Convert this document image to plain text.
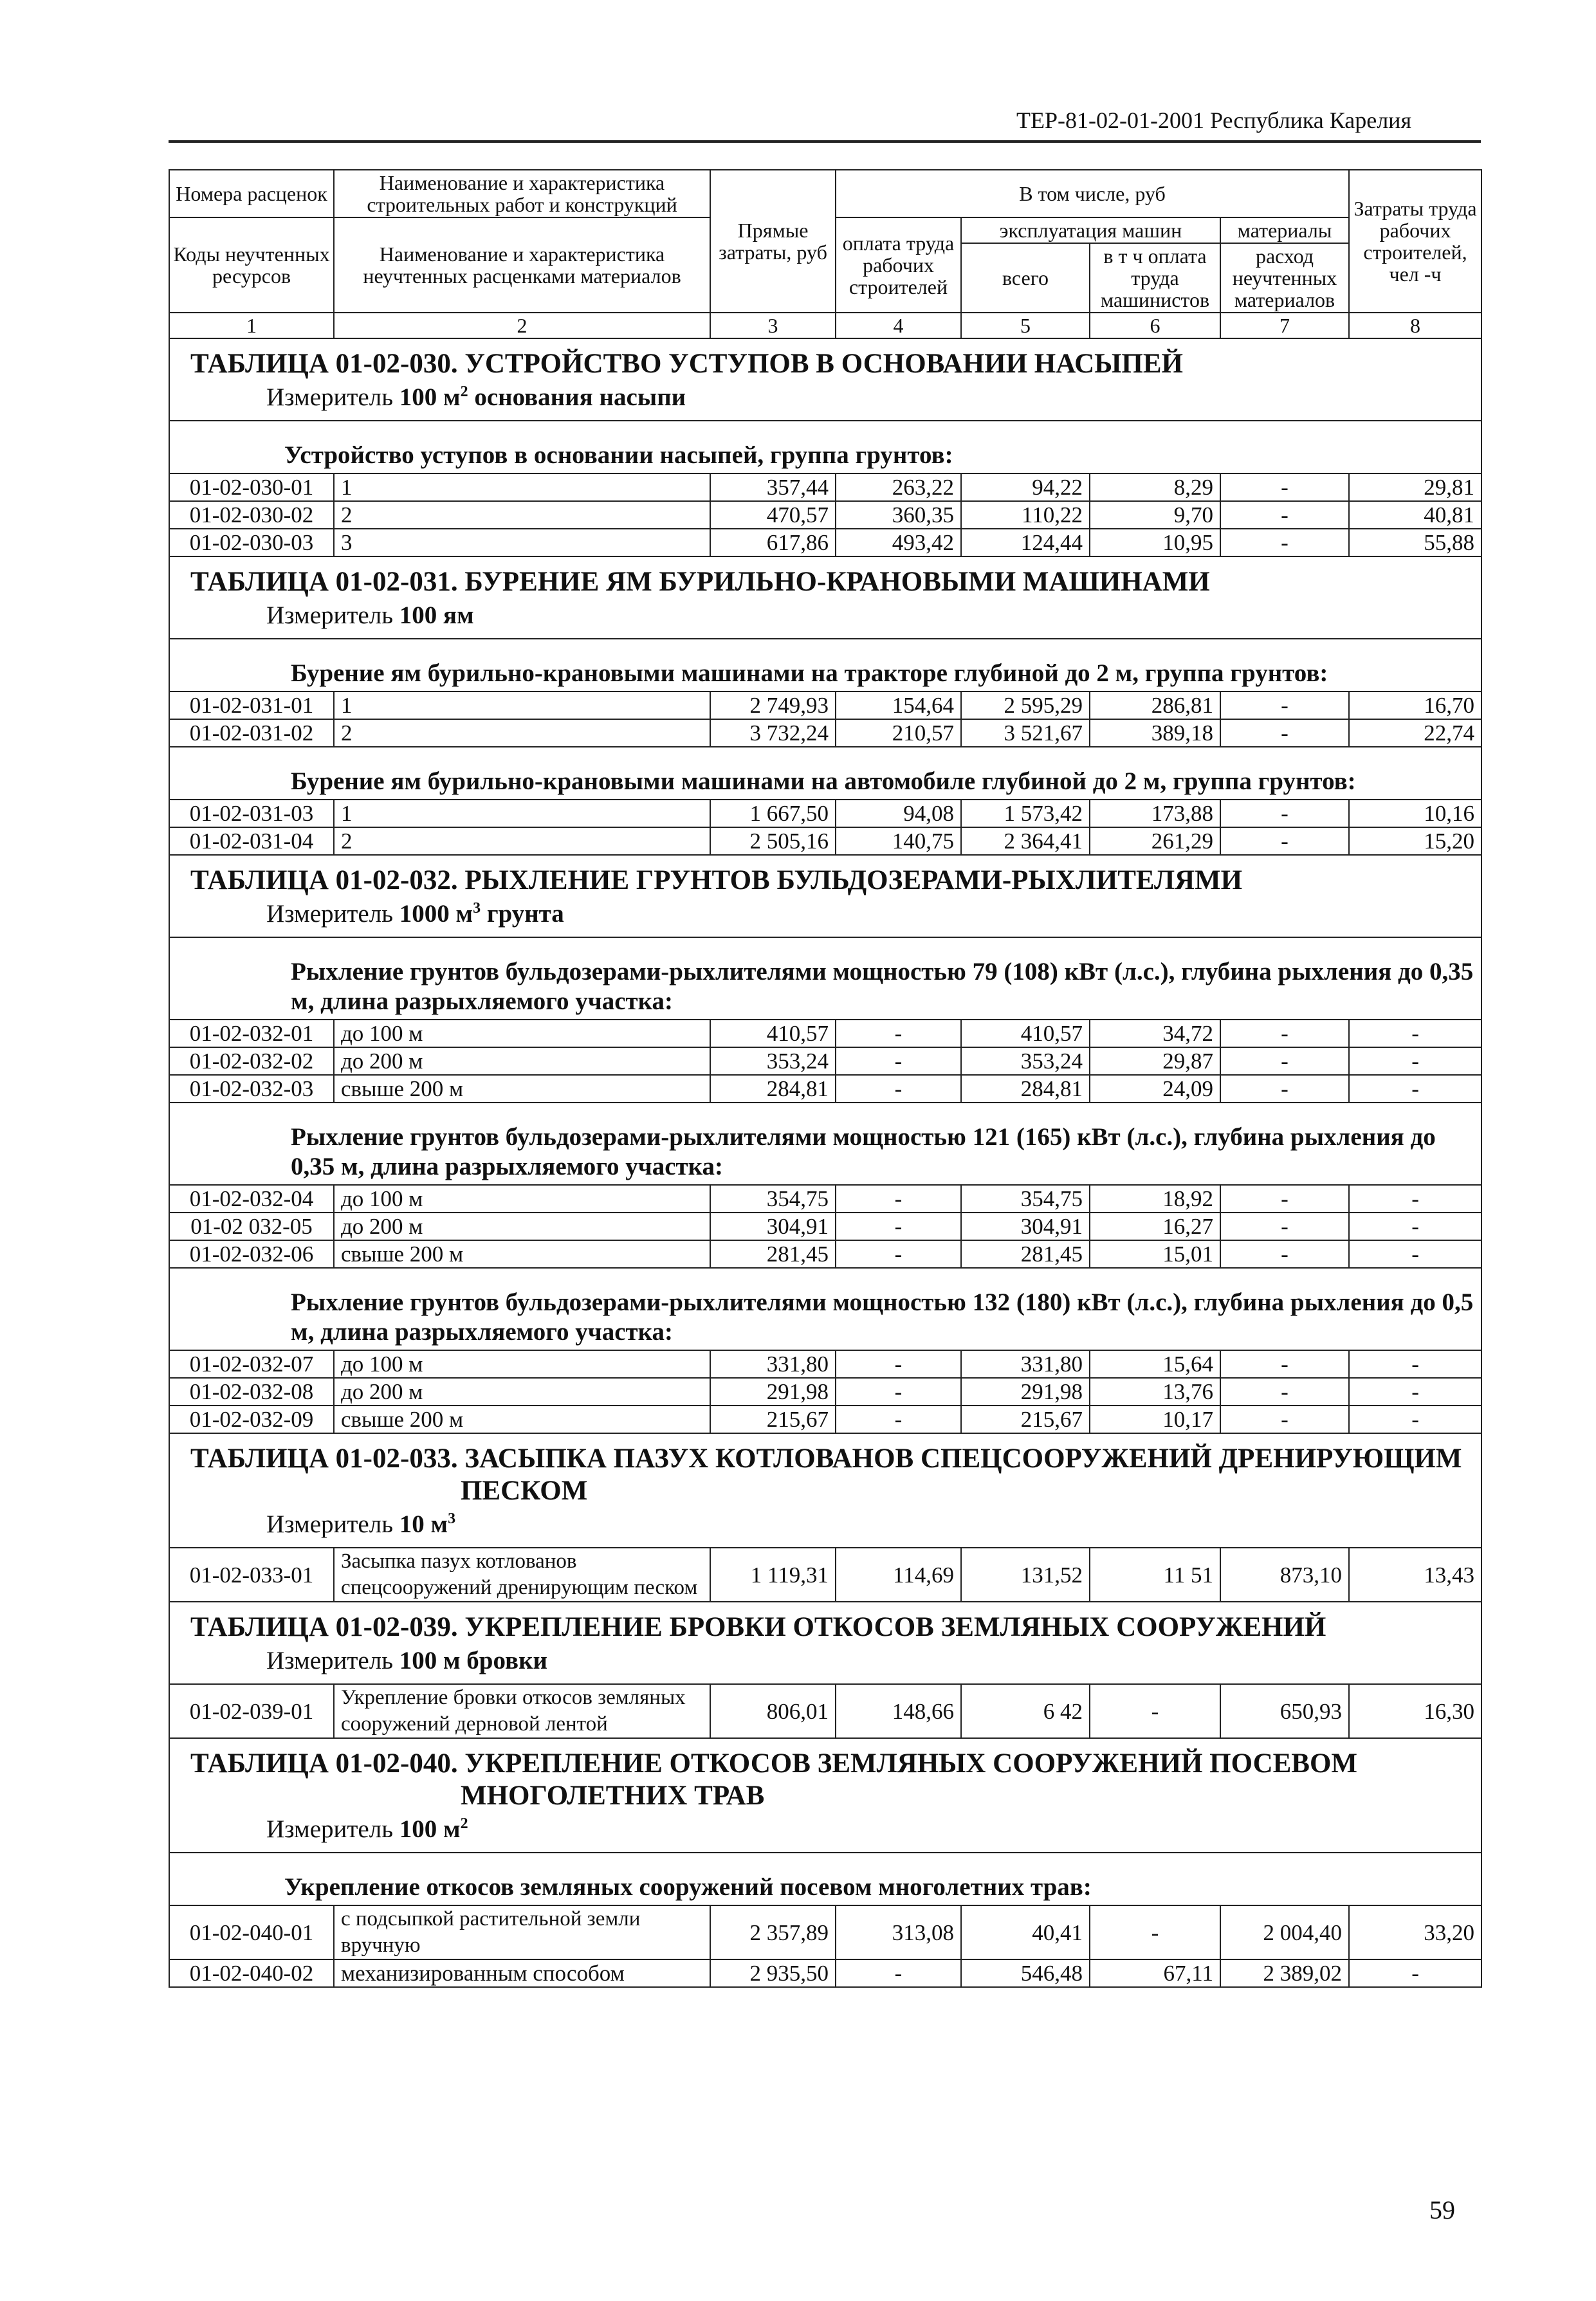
ТЕР-81-02-01-2001 Республика Карелия
Номера расценок	Наименование и характеристика строительных работ и конструкций	Прямые затраты, руб	В том числе, руб				Затраты труда рабочих строителей, чел -ч
Коды неучтенных ресурсов	Наименование и характеристика неучтенных расценками материалов		оплата труда рабочих строителей	эксплуатация машин		материалы	
				всего	в т ч оплата труда машинистов	расход неучтенных материалов	
1	2	3	4	5	6	7	8
ТАБЛИЦА 01-02-030. УСТРОЙСТВО УСТУПОВ В ОСНОВАНИИ НАСЫПЕЙ							
Измеритель 100 $м^2$ основания насыпи							
Устройство уступов в основании насыпей, группа грунтов:							
01-02-030-01	1	357,44	263,22	94,22	8,29	-	29,81
01-02-030-02	2	470,57	360,35	110,22	9,70	-	40,81
01-02-030-03	3	617,86	493,42	124,44	10,95	-	55,88
ТАБЛИЦА 01-02-031. БУРЕНИЕ ЯМ БУРИЛЬНО-КРАНОВЫМИ МАШИНАМИ							
Измеритель 100 ям							
Бурение ям бурильно-крановыми машинами на тракторе глубиной до 2 м, группа грунтов:							
01-02-031-01	1	2 749,93	154,64	2 595,29	286,81	-	16,70
01-02-031-02	2	3 732,24	210,57	3 521,67	389,18	-	22,74
Бурение ям бурильно-крановыми машинами на автомобиле глубиной до 2 м, группа грунтов:							
01-02-031-03	1	1 667,50	94,08	1 573,42	173,88	-	10,16
01-02-031-04	2	2 505,16	140,75	2 364,41	261,29	-	15,20
ТАБЛИЦА 01-02-032. РЫХЛЕНИЕ ГРУНТОВ БУЛЬДОЗЕРАМИ-РЫХЛИТЕЛЯМИ							
Измеритель 1000 $м^3$ грунта							
Рыхление грунтов бульдозерами-рыхлителями мощностью 79 (108) кВт (л.с.), глубина рыхления до 0,35 м, длина разрыхляемого участка:							
01-02-032-01	до 100 м	410,57	-	410,57	34,72	-	-
01-02-032-02	до 200 м	353,24	-	353,24	29,87	-	-
01-02-032-03	свыше 200 м	284,81	-	284,81	24,09	-	-
Рыхление грунтов бульдозерами-рыхлителями мощностью 121 (165) кВт (л.с.), глубина рыхления до 0,35 м, длина разрыхляемого участка:							
01-02-032-04	до 100 м	354,75	-	354,75	18,92	-	-
01-02 032-05	до 200 м	304,91	-	304,91	16,27	-	-
01-02-032-06	свыше 200 м	281,45	-	281,45	15,01	-	-
Рыхление грунтов бульдозерами-рыхлителями мощностью 132 (180) кВт (л.с.), глубина рыхления до 0,5 м, длина разрыхляемого участка:							
01-02-032-07	до 100 м	331,80	-	331,80	15,64	-	-
01-02-032-08	до 200 м	291,98	-	291,98	13,76	-	-
01-02-032-09	свыше 200 м	215,67	-	215,67	10,17	-	-
ТАБЛИЦА 01-02-033. ЗАСЫПКА ПАЗУХ КОТЛОВАНОВ СПЕЦСООРУЖЕНИЙ ДРЕНИРУЮЩИМ
ПЕСКОМ							

Измеритель 10 $м^3$
01-02-033-01	Засыпка пазух котлованов спецсооружений дренирующим песком	1 119,31	114,69	131,52	11 51	873,10	13,43
ТАБЛИЦА 01-02-039. УКРЕПЛЕНИЕ БРОВКИ ОТКОСОВ ЗЕМЛЯНЫХ СООРУЖЕНИЙ							
Измеритель 100 м бровки							
01-02-039-01	Укрепление бровки откосов земляных сооружений дерновой лентой	806,01	148,66	6 42	-	650,93	16,30
ТАБЛИЦА 01-02-040. УКРЕПЛЕНИЕ ОТКОСОВ ЗЕМЛЯНЫХ СООРУЖЕНИЙ ПОСЕВОМ
МНОГОЛЕТНИХ ТРАВ							

Измеритель 100 $м^2$
Укрепление откосов земляных сооружений посевом многолетних трав:							
01-02-040-01	с подсыпкой растительной земли вручную	2 357,89	313,08	40,41	-	2 004,40	33,20
01-02-040-02	механизированным способом	2 935,50	-	546,48	67,11	2 389,02	-
59
